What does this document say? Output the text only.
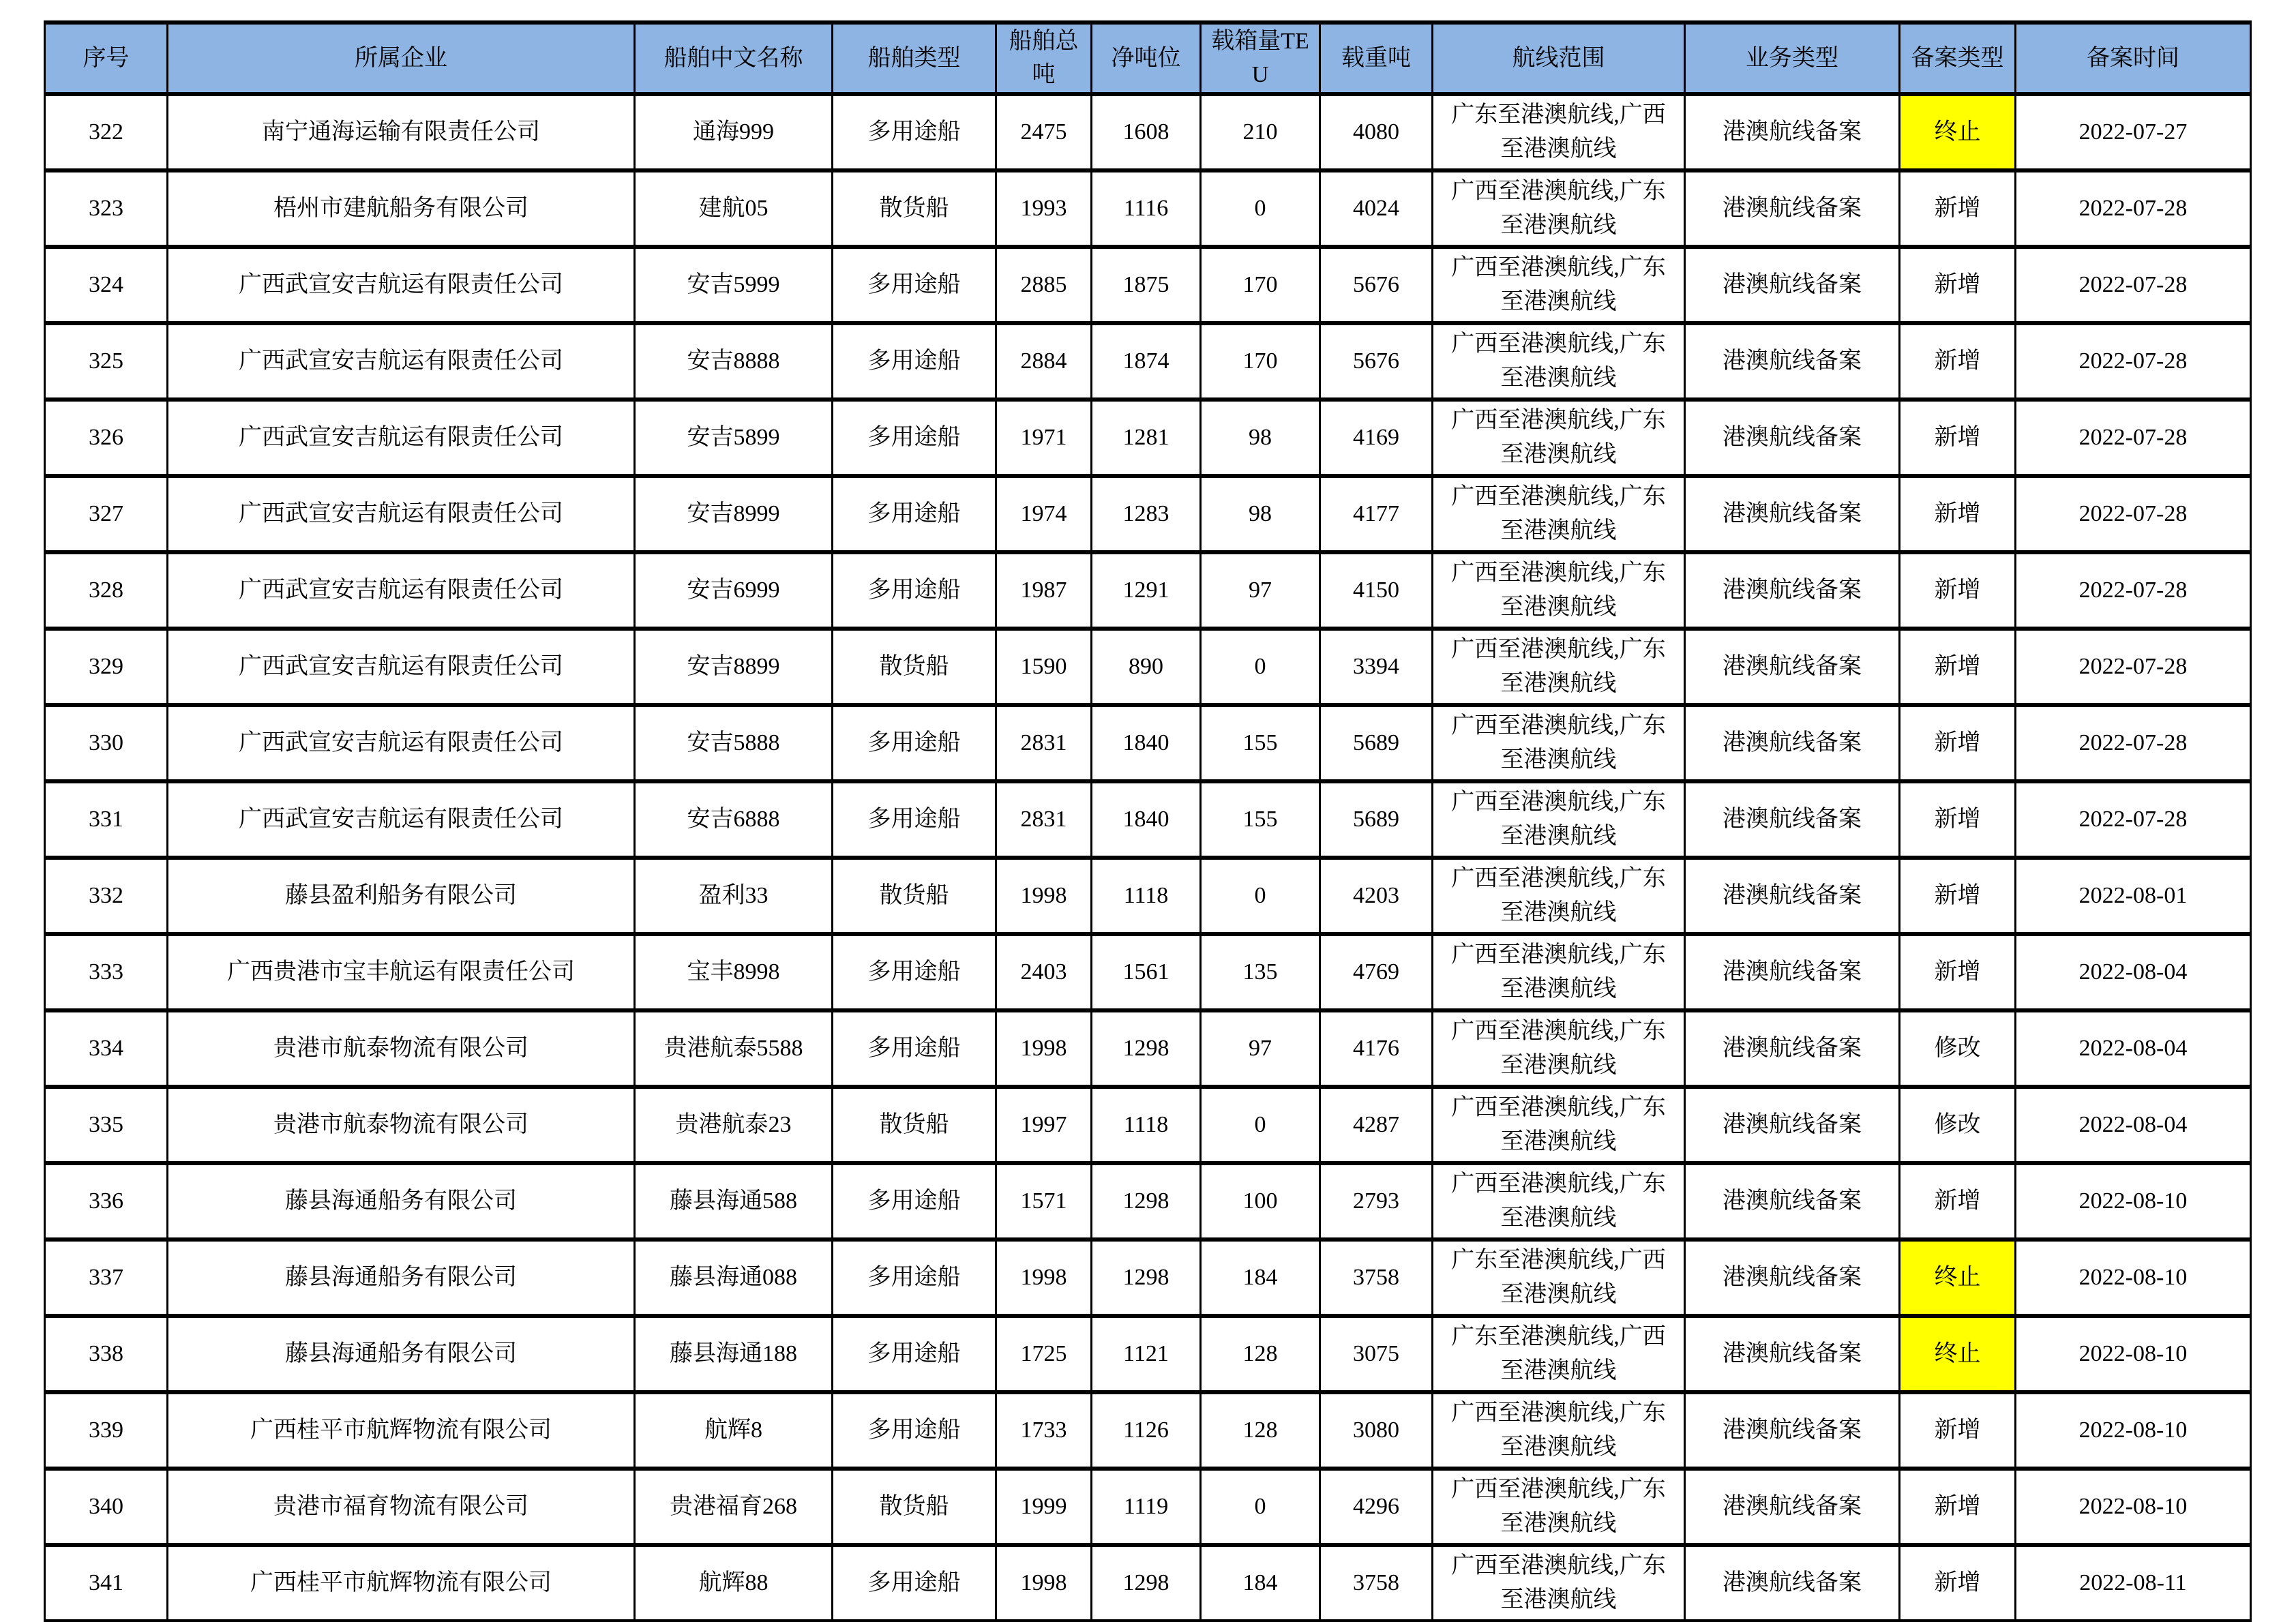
序号	所属企业	船舶中文名称	船舶类型	船舶总吨	净吨位	载箱量TEU	载重吨	航线范围	业务类型	备案类型	备案时间
322	南宁通海运输有限责任公司	通海999	多用途船	2475	1608	210	4080	广东至港澳航线,广西至港澳航线	港澳航线备案	终止	2022-07-27
323	梧州市建航船务有限公司	建航05	散货船	1993	1116	0	4024	广西至港澳航线,广东至港澳航线	港澳航线备案	新增	2022-07-28
324	广西武宣安吉航运有限责任公司	安吉5999	多用途船	2885	1875	170	5676	广西至港澳航线,广东至港澳航线	港澳航线备案	新增	2022-07-28
325	广西武宣安吉航运有限责任公司	安吉8888	多用途船	2884	1874	170	5676	广西至港澳航线,广东至港澳航线	港澳航线备案	新增	2022-07-28
326	广西武宣安吉航运有限责任公司	安吉5899	多用途船	1971	1281	98	4169	广西至港澳航线,广东至港澳航线	港澳航线备案	新增	2022-07-28
327	广西武宣安吉航运有限责任公司	安吉8999	多用途船	1974	1283	98	4177	广西至港澳航线,广东至港澳航线	港澳航线备案	新增	2022-07-28
328	广西武宣安吉航运有限责任公司	安吉6999	多用途船	1987	1291	97	4150	广西至港澳航线,广东至港澳航线	港澳航线备案	新增	2022-07-28
329	广西武宣安吉航运有限责任公司	安吉8899	散货船	1590	890	0	3394	广西至港澳航线,广东至港澳航线	港澳航线备案	新增	2022-07-28
330	广西武宣安吉航运有限责任公司	安吉5888	多用途船	2831	1840	155	5689	广西至港澳航线,广东至港澳航线	港澳航线备案	新增	2022-07-28
331	广西武宣安吉航运有限责任公司	安吉6888	多用途船	2831	1840	155	5689	广西至港澳航线,广东至港澳航线	港澳航线备案	新增	2022-07-28
332	藤县盈利船务有限公司	盈利33	散货船	1998	1118	0	4203	广西至港澳航线,广东至港澳航线	港澳航线备案	新增	2022-08-01
333	广西贵港市宝丰航运有限责任公司	宝丰8998	多用途船	2403	1561	135	4769	广西至港澳航线,广东至港澳航线	港澳航线备案	新增	2022-08-04
334	贵港市航泰物流有限公司	贵港航泰5588	多用途船	1998	1298	97	4176	广西至港澳航线,广东至港澳航线	港澳航线备案	修改	2022-08-04
335	贵港市航泰物流有限公司	贵港航泰23	散货船	1997	1118	0	4287	广西至港澳航线,广东至港澳航线	港澳航线备案	修改	2022-08-04
336	藤县海通船务有限公司	藤县海通588	多用途船	1571	1298	100	2793	广西至港澳航线,广东至港澳航线	港澳航线备案	新增	2022-08-10
337	藤县海通船务有限公司	藤县海通088	多用途船	1998	1298	184	3758	广东至港澳航线,广西至港澳航线	港澳航线备案	终止	2022-08-10
338	藤县海通船务有限公司	藤县海通188	多用途船	1725	1121	128	3075	广东至港澳航线,广西至港澳航线	港澳航线备案	终止	2022-08-10
339	广西桂平市航辉物流有限公司	航辉8	多用途船	1733	1126	128	3080	广西至港澳航线,广东至港澳航线	港澳航线备案	新增	2022-08-10
340	贵港市福育物流有限公司	贵港福育268	散货船	1999	1119	0	4296	广西至港澳航线,广东至港澳航线	港澳航线备案	新增	2022-08-10
341	广西桂平市航辉物流有限公司	航辉88	多用途船	1998	1298	184	3758	广西至港澳航线,广东至港澳航线	港澳航线备案	新增	2022-08-11
